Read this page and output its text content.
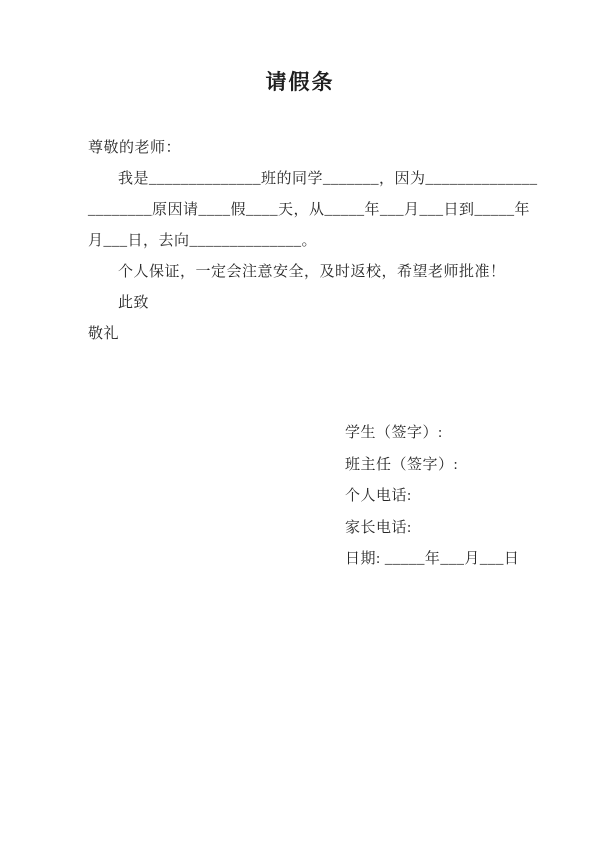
请假条
尊敬的老师：
我是______________班的同学_______，因为______________
________原因请____假____天，从_____年___月___日到_____年
月___日，去向______________。
个人保证，一定会注意安全，及时返校，希望老师批准！
此致
敬礼
学生（签字）:
班主任（签字）:
个人电话:
家长电话:
日期: _____年___月___日
